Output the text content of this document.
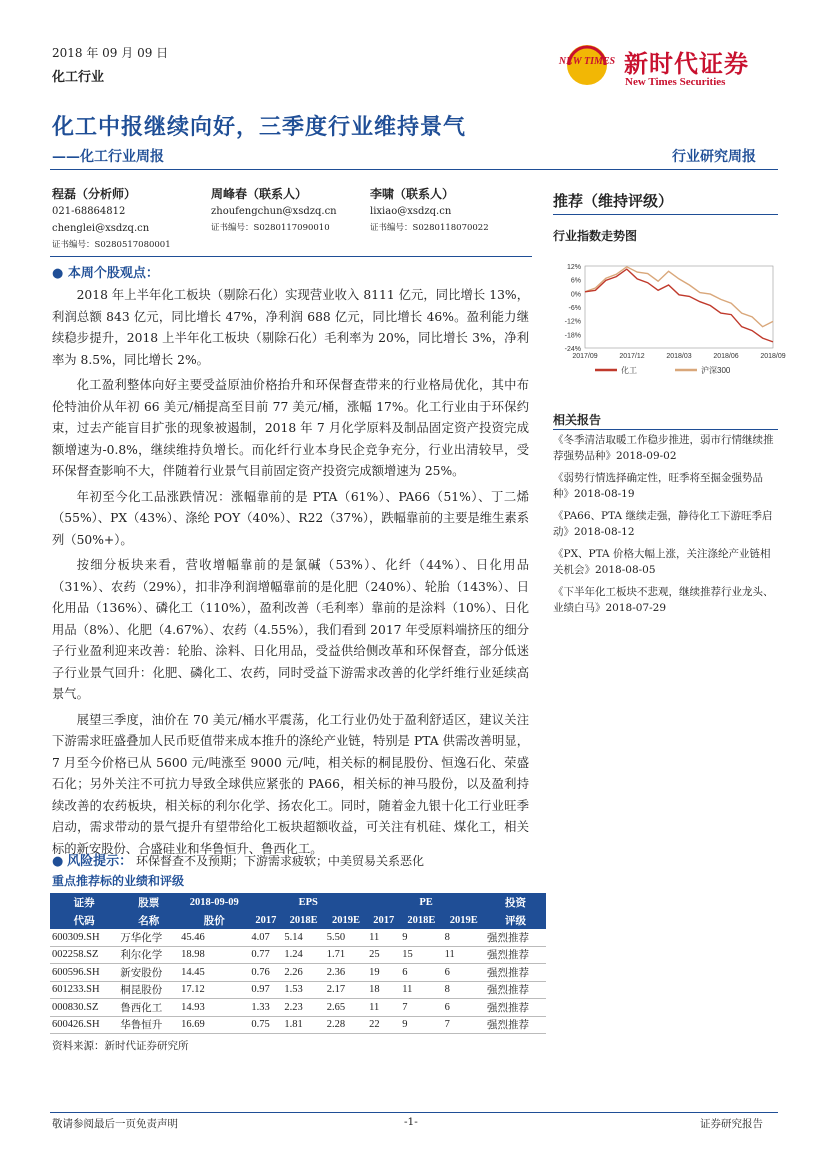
2018 年 09 月 09 日
化工行业
NEW TIMES 新时代证券
New Times Securities
化工中报继续向好，三季度行业维持景气
——化工行业周报	行业研究周报
程磊（分析师）
021-68864812
chenglei@xsdzq.cn
证书编号：S0280517080001
周峰春（联系人）
zhoufengchun@xsdzq.cn
证书编号：S0280117090010
李啸（联系人）
lixiao@xsdzq.cn
证书编号：S0280118070022
● 本周个股观点：

2018 年上半年化工板块（剔除石化）实现营业收入 8111 亿元，同比增长 13%，利润总额 843 亿元，同比增长 47%，净利润 688 亿元，同比增长 46%。盈利能力继续稳步提升，2018 上半年化工板块（剔除石化）毛利率为 20%，同比增长 3%，净利率为 8.5%，同比增长 2%。

化工盈利整体向好主要受益原油价格抬升和环保督查带来的行业格局优化，其中布伦特油价从年初 66 美元/桶提高至目前 77 美元/桶，涨幅 17%。化工行业由于环保约束，过去产能盲目扩张的现象被遏制，2018 年 7 月化学原料及制品固定资产投资完成额增速为-0.8%，继续维持负增长。而化纤行业本身民企竞争充分，行业出清较早，受环保督查影响不大，伴随着行业景气目前固定资产投资完成额增速为 25%。

年初至今化工品涨跌情况：涨幅靠前的是 PTA（61%）、PA66（51%）、丁二烯（55%）、PX（43%）、涤纶 POY（40%）、R22（37%），跌幅靠前的主要是维生素系列（50%+）。

按细分板块来看，营收增幅靠前的是氯碱（53%）、化纤（44%）、日化用品（31%）、农药（29%），扣非净利润增幅靠前的是化肥（240%）、轮胎（143%）、日化用品（136%）、磷化工（110%），盈利改善（毛利率）靠前的是涂料（10%）、日化用品（8%）、化肥（4.67%）、农药（4.55%），我们看到 2017 年受原料端挤压的细分子行业盈利迎来改善：轮胎、涂料、日化用品，受益供给侧改革和环保督查，部分低迷子行业景气回升：化肥、磷化工、农药，同时受益下游需求改善的化学纤维行业延续高景气。

展望三季度，油价在 70 美元/桶水平震荡，化工行业仍处于盈利舒适区，建议关注下游需求旺盛叠加人民币贬值带来成本推升的涤纶产业链，特别是 PTA 供需改善明显，7 月至今价格已从 5600 元/吨涨至 9000 元/吨，相关标的桐昆股份、恒逸石化、荣盛石化；另外关注不可抗力导致全球供应紧张的 PA66，相关标的神马股份，以及盈利持续改善的农药板块，相关标的利尔化学、扬农化工。同时，随着金九银十化工行业旺季启动，需求带动的景气提升有望带给化工板块超额收益，可关注有机硅、煤化工，相关标的新安股份、合盛硅业和华鲁恒升、鲁西化工。

● 风险提示： 环保督查不及预期；下游需求疲软；中美贸易关系恶化
重点推荐标的业绩和评级
证券	股票	2018-09-09	EPS			PE			投资
代码	名称	股价	2017	2018E	2019E	2017	2018E	2019E	评级
600309.SH	万华化学	45.46	4.07	5.14	5.50	11	9	8	强烈推荐
002258.SZ	利尔化学	18.98	0.77	1.24	1.71	25	15	11	强烈推荐
600596.SH	新安股份	14.45	0.76	2.26	2.36	19	6	6	强烈推荐
601233.SH	桐昆股份	17.12	0.97	1.53	2.17	18	11	8	强烈推荐
000830.SZ	鲁西化工	14.93	1.33	2.23	2.65	11	7	6	强烈推荐
600426.SH	华鲁恒升	16.69	0.75	1.81	2.28	22	9	7	强烈推荐
资料来源：新时代证券研究所
推荐（维持评级）
行业指数走势图
12%
6%
0%
-6%
-12%
-18%
-24%
2017/09	2017/12	2018/03	2018/06	2018/09
化工	沪深300
相关报告
《冬季清洁取暖工作稳步推进，弱市行情继续推荐强势品种》2018-09-02
《弱势行情选择确定性，旺季将至掘金强势品种》2018-08-19
《PA66、PTA 继续走强，静待化工下游旺季启动》2018-08-12
《PX、PTA 价格大幅上涨，关注涤纶产业链相关机会》2018-08-05
《下半年化工板块不悲观，继续推荐行业龙头、业绩白马》2018-07-29
敬请参阅最后一页免责声明	-1-	证券研究报告
